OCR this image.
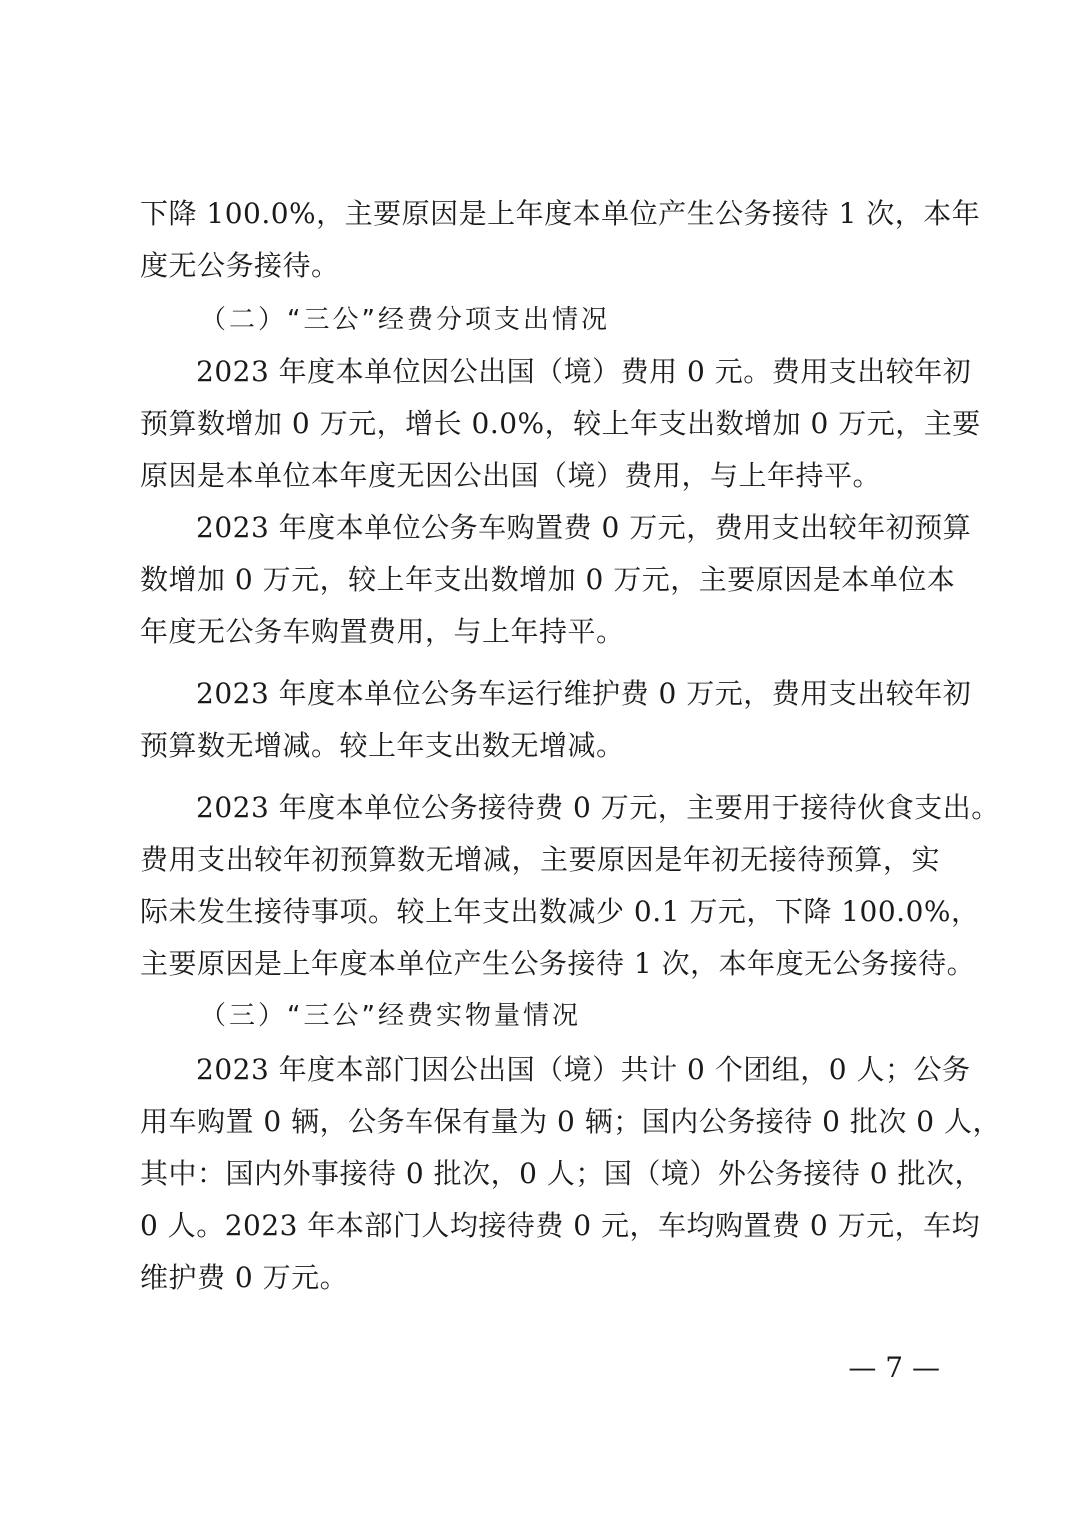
下降 100.0%，主要原因是上年度本单位产生公务接待 1 次，本年
度无公务接待。
（二）“三公”经费分项支出情况
2023 年度本单位因公出国（境）费用 0 元。费用支出较年初
预算数增加 0 万元，增长 0.0%，较上年支出数增加 0 万元，主要
原因是本单位本年度无因公出国（境）费用，与上年持平。
2023 年度本单位公务车购置费 0 万元，费用支出较年初预算
数增加 0 万元，较上年支出数增加 0 万元，主要原因是本单位本
年度无公务车购置费用，与上年持平。
2023 年度本单位公务车运行维护费 0 万元，费用支出较年初
预算数无增减。较上年支出数无增减。
2023 年度本单位公务接待费 0 万元，主要用于接待伙食支出。
费用支出较年初预算数无增减，主要原因是年初无接待预算，实
际未发生接待事项。较上年支出数减少 0.1 万元，下降 100.0%，
主要原因是上年度本单位产生公务接待 1 次，本年度无公务接待。
（三）“三公”经费实物量情况
2023 年度本部门因公出国（境）共计 0 个团组，0 人；公务
用车购置 0 辆，公务车保有量为 0 辆；国内公务接待 0 批次 0 人，
其中：国内外事接待 0 批次，0 人；国（境）外公务接待 0 批次，
0 人。2023 年本部门人均接待费 0 元，车均购置费 0 万元，车均
维护费 0 万元。
— 7 —
